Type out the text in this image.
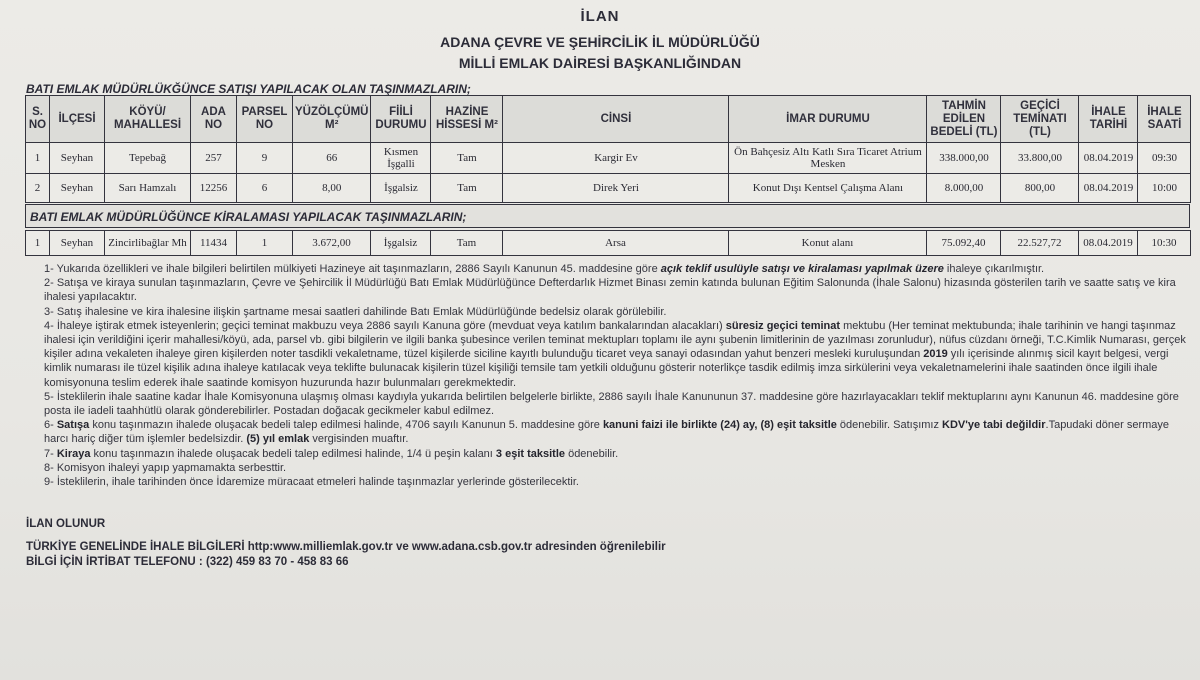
İLAN
ADANA ÇEVRE VE ŞEHİRCİLİK İL MÜDÜRLÜĞÜ
MİLLİ EMLAK DAİRESİ BAŞKANLIĞINDAN
BATI EMLAK MÜDÜRLÜKĞÜNCE SATIŞI YAPILACAK OLAN TAŞINMAZLARIN;
S. NO	İLÇESİ	KÖYÜ/ MAHALLESİ	ADA NO	PARSEL NO	YÜZÖLÇÜMÜ M²	FİİLİ DURUMU	HAZİNE HİSSESİ M²	CİNSİ	İMAR DURUMU	TAHMİN EDİLEN BEDELİ (TL)	GEÇİCİ TEMİNATI (TL)	İHALE TARİHİ	İHALE SAATİ
1	Seyhan	Tepebağ	257	9	66	Kısmen İşgalli	Tam	Kargir Ev	Ön Bahçesiz Altı Katlı Sıra Ticaret Atrium Mesken	338.000,00	33.800,00	08.04.2019	09:30
2	Seyhan	Sarı Hamzalı	12256	6	8,00	İşgalsiz	Tam	Direk Yeri	Konut Dışı Kentsel Çalışma Alanı	8.000,00	800,00	08.04.2019	10:00
BATI EMLAK MÜDÜRLÜĞÜNCE KİRALAMASI YAPILACAK TAŞINMAZLARIN;
1	Seyhan	Zincirlibağlar Mh	11434	1	3.672,00	İşgalsiz	Tam	Arsa	Konut alanı	75.092,40	22.527,72	08.04.2019	10:30

1- Yukarıda özellikleri ve ihale bilgileri belirtilen mülkiyeti Hazineye ait taşınmazların, 2886 Sayılı Kanunun 45. maddesine göre açık teklif usulüyle satışı ve kiralaması yapılmak üzere ihaleye çıkarılmıştır.

2- Satışa ve kiraya sunulan taşınmazların, Çevre ve Şehircilik İl Müdürlüğü Batı Emlak Müdürlüğünce Defterdarlık Hizmet Binası zemin katında bulunan Eğitim Salonunda (İhale Salonu) hizasında gösterilen tarih ve saatte satış ve kira ihalesi yapılacaktır.

3- Satış ihalesine ve kira ihalesine ilişkin şartname mesai saatleri dahilinde Batı Emlak Müdürlüğünde bedelsiz olarak görülebilir.

4- İhaleye iştirak etmek isteyenlerin; geçici teminat makbuzu veya 2886 sayılı Kanuna göre (mevduat veya katılım bankalarından alacakları) süresiz geçici teminat mektubu (Her teminat mektubunda; ihale tarihinin ve hangi taşınmaz ihalesi için verildiğini içerir mahallesi/köyü, ada, parsel vb. gibi bilgilerin ve ilgili banka şubesince verilen teminat mektupları toplamı ile aynı şubenin limitlerinin de yazılması zorunludur), nüfus cüzdanı örneği, T.C.Kimlik Numarası, gerçek kişiler adına vekaleten ihaleye giren kişilerden noter tasdikli vekaletname, tüzel kişilerde siciline kayıtlı bulunduğu ticaret veya sanayi odasından yahut benzeri mesleki kuruluşundan 2019 yılı içerisinde alınmış sicil kayıt belgesi, vergi kimlik numarası ile tüzel kişilik adına ihaleye katılacak veya teklifte bulunacak kişilerin tüzel kişiliği temsile tam yetkili olduğunu gösterir noterlikçe tasdik edilmiş imza sirkülerini veya vekaletnamelerini ihale saatinden önce ilgili ihale komisyonuna teslim ederek ihale saatinde komisyon huzurunda hazır bulunmaları gerekmektedir.

5- İsteklilerin ihale saatine kadar İhale Komisyonuna ulaşmış olması kaydıyla yukarıda belirtilen belgelerle birlikte, 2886 sayılı İhale Kanununun 37. maddesine göre hazırlayacakları teklif mektuplarını aynı Kanunun 46. maddesine göre posta ile iadeli taahhütlü olarak gönderebilirler. Postadan doğacak gecikmeler kabul edilmez.

6- Satışa konu taşınmazın ihalede oluşacak bedeli talep edilmesi halinde, 4706 sayılı Kanunun 5. maddesine göre kanuni faizi ile birlikte (24) ay, (8) eşit taksitle ödenebilir. Satışımız KDV'ye tabi değildir.Tapudaki döner sermaye harcı hariç diğer tüm işlemler bedelsizdir. (5) yıl emlak vergisinden muaftır.

7- Kiraya konu taşınmazın ihalede oluşacak bedeli talep edilmesi halinde, 1/4 ü peşin kalanı 3 eşit taksitle ödenebilir.

8- Komisyon ihaleyi yapıp yapmamakta serbesttir.

9- İsteklilerin, ihale tarihinden önce İdaremize müracaat etmeleri halinde taşınmazlar yerlerinde gösterilecektir.

İLAN OLUNUR
TÜRKİYE GENELİNDE İHALE BİLGİLERİ http:www.milliemlak.gov.tr ve www.adana.csb.gov.tr adresinden öğrenilebilir
BİLGİ İÇİN İRTİBAT TELEFONU : (322) 459 83 70 - 458 83 66
